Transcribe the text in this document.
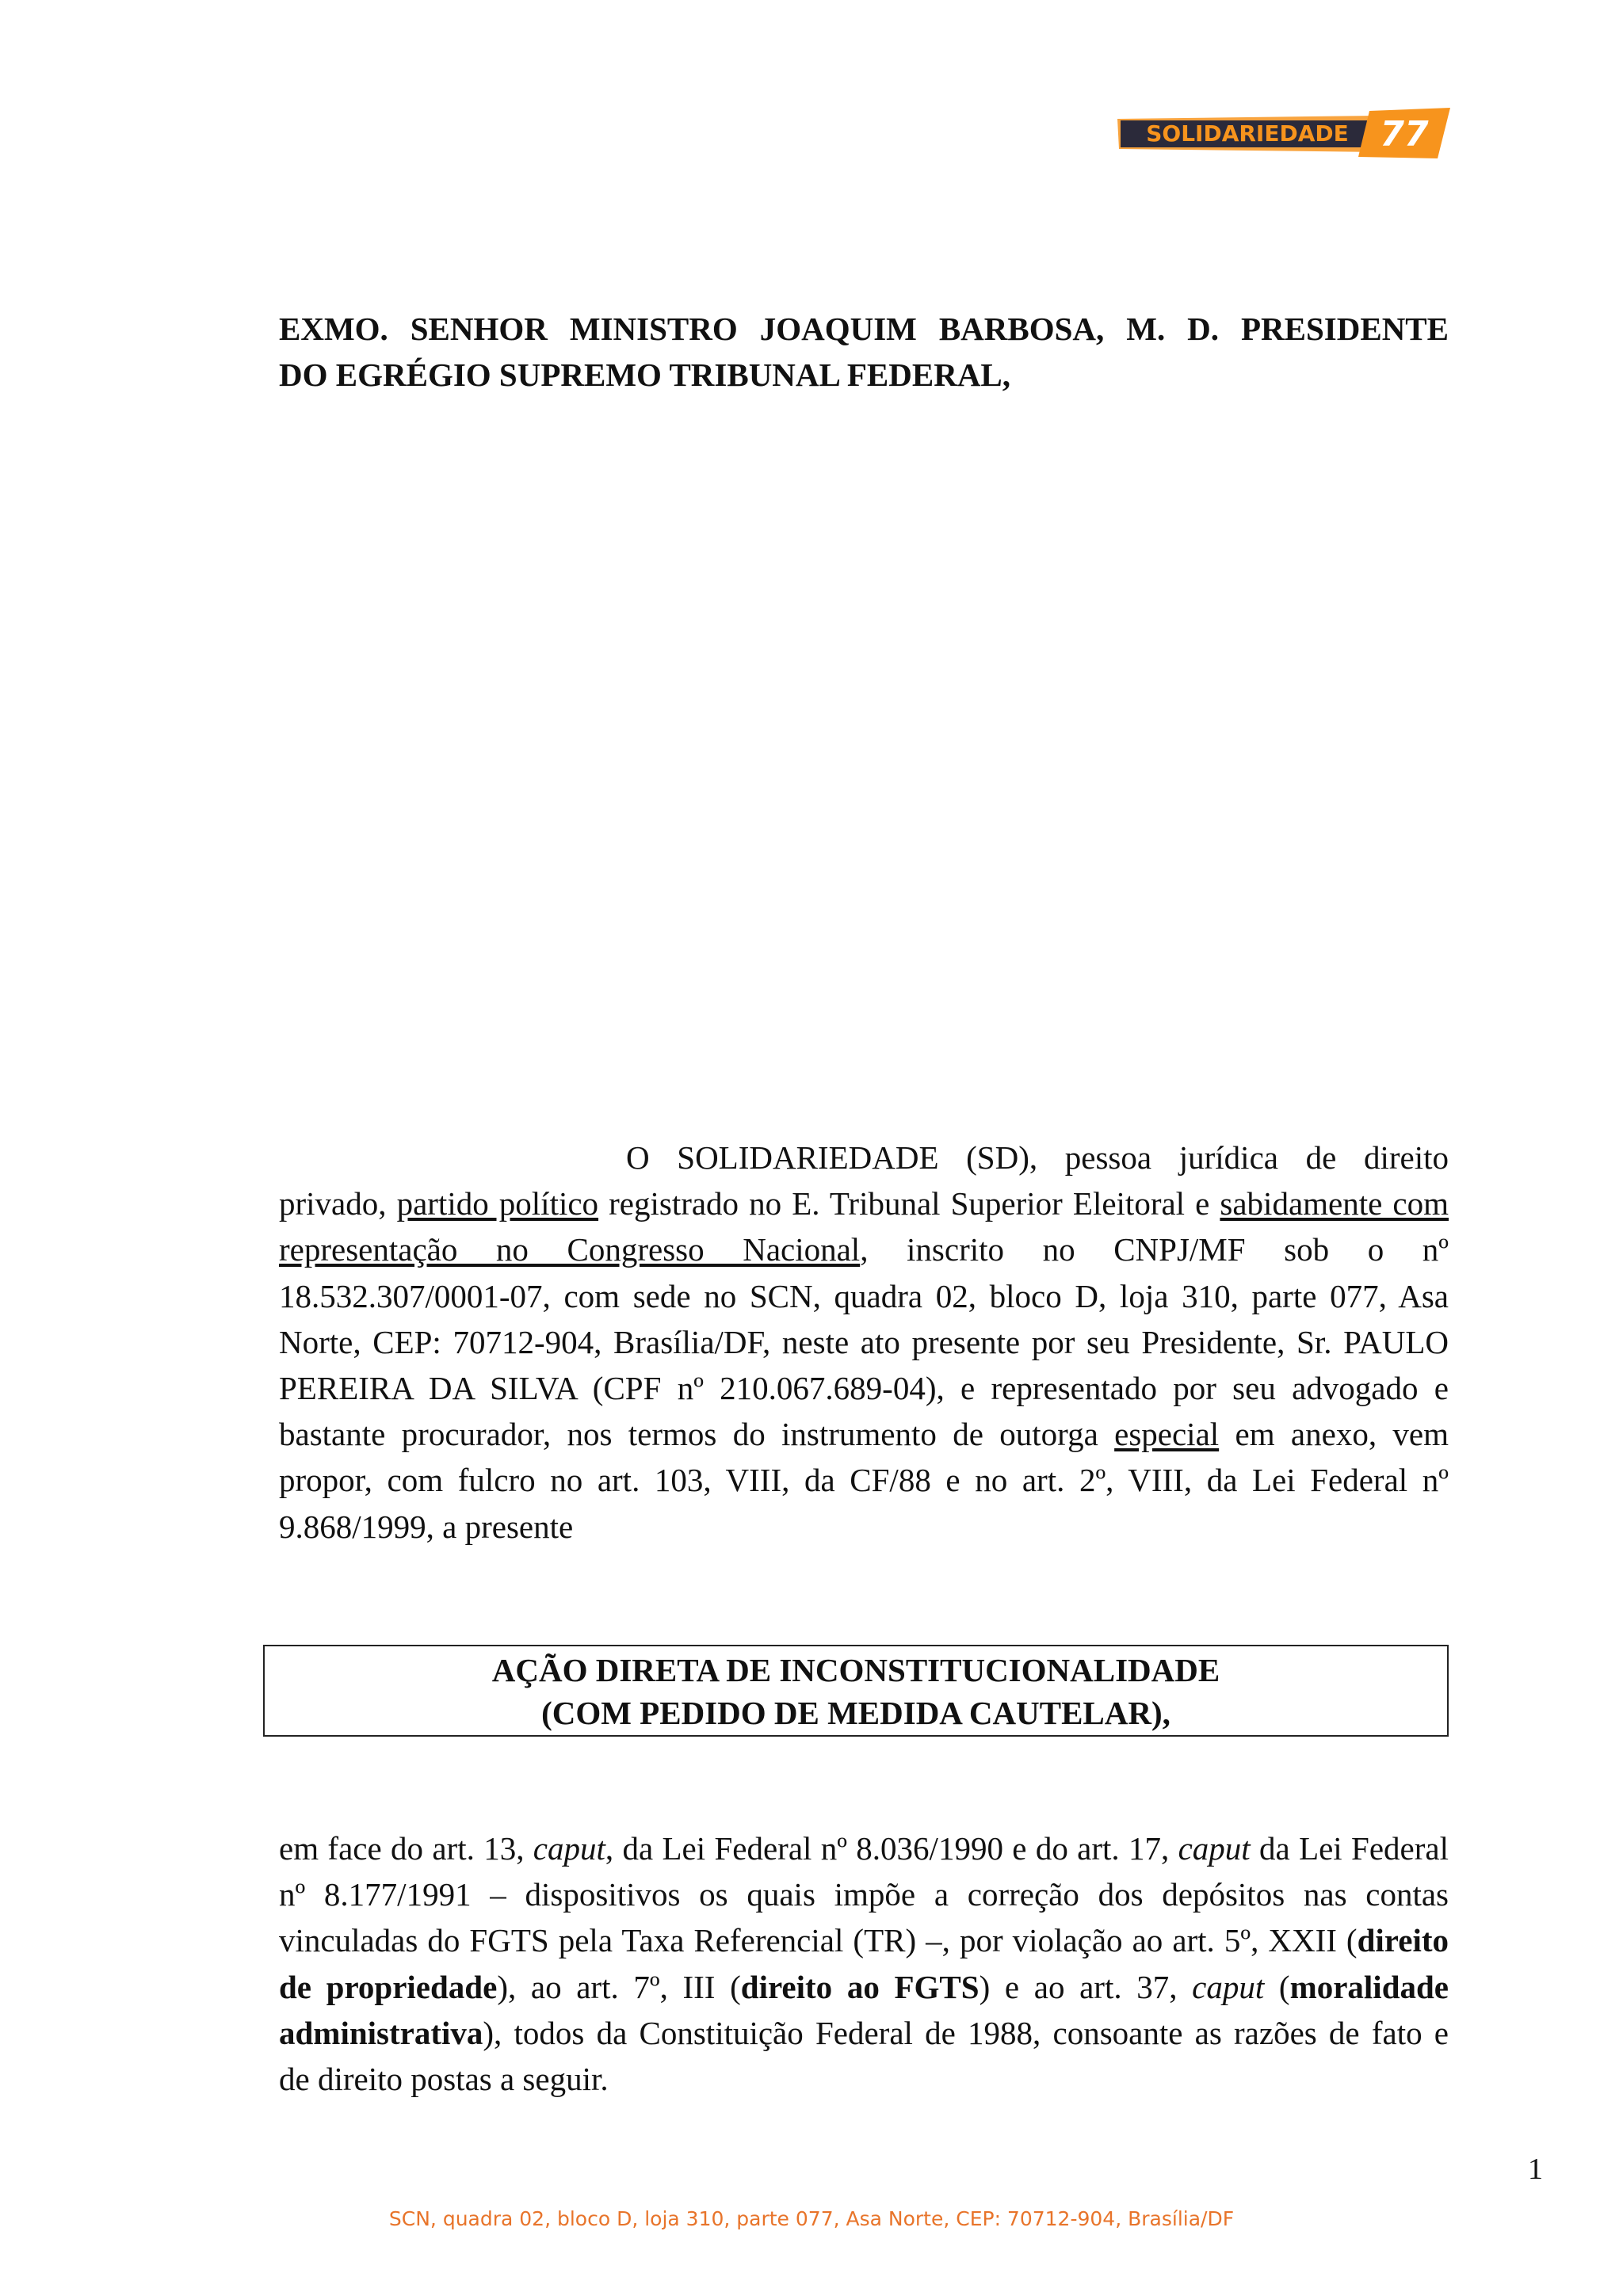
SOLIDARIEDADE 77
EXMO. SENHOR MINISTRO JOAQUIM BARBOSA, M. D. PRESIDENTE
DO EGRÉGIO SUPREMO TRIBUNAL FEDERAL,
O SOLIDARIEDADE (SD), pessoa jurídica de direito
privado, partido político registrado no E. Tribunal Superior Eleitoral e sabidamente com
representação no Congresso Nacional, inscrito no CNPJ/MF sob o nº
18.532.307/0001-07, com sede no SCN, quadra 02, bloco D, loja 310, parte 077, Asa
Norte, CEP: 70712-904, Brasília/DF, neste ato presente por seu Presidente, Sr. PAULO
PEREIRA DA SILVA (CPF nº 210.067.689-04), e representado por seu advogado e
bastante procurador, nos termos do instrumento de outorga especial em anexo, vem
propor, com fulcro no art. 103, VIII, da CF/88 e no art. 2º, VIII, da Lei Federal nº
9.868/1999, a presente
AÇÃO DIRETA DE INCONSTITUCIONALIDADE
(COM PEDIDO DE MEDIDA CAUTELAR),
em face do art. 13, caput, da Lei Federal nº 8.036/1990 e do art. 17, caput da Lei Federal
nº 8.177/1991 – dispositivos os quais impõe a correção dos depósitos nas contas
vinculadas do FGTS pela Taxa Referencial (TR) –, por violação ao art. 5º, XXII (direito
de propriedade), ao art. 7º, III (direito ao FGTS) e ao art. 37, caput (moralidade
administrativa), todos da Constituição Federal de 1988, consoante as razões de fato e
de direito postas a seguir.
1
SCN, quadra 02, bloco D, loja 310, parte 077, Asa Norte, CEP: 70712-904, Brasília/DF
